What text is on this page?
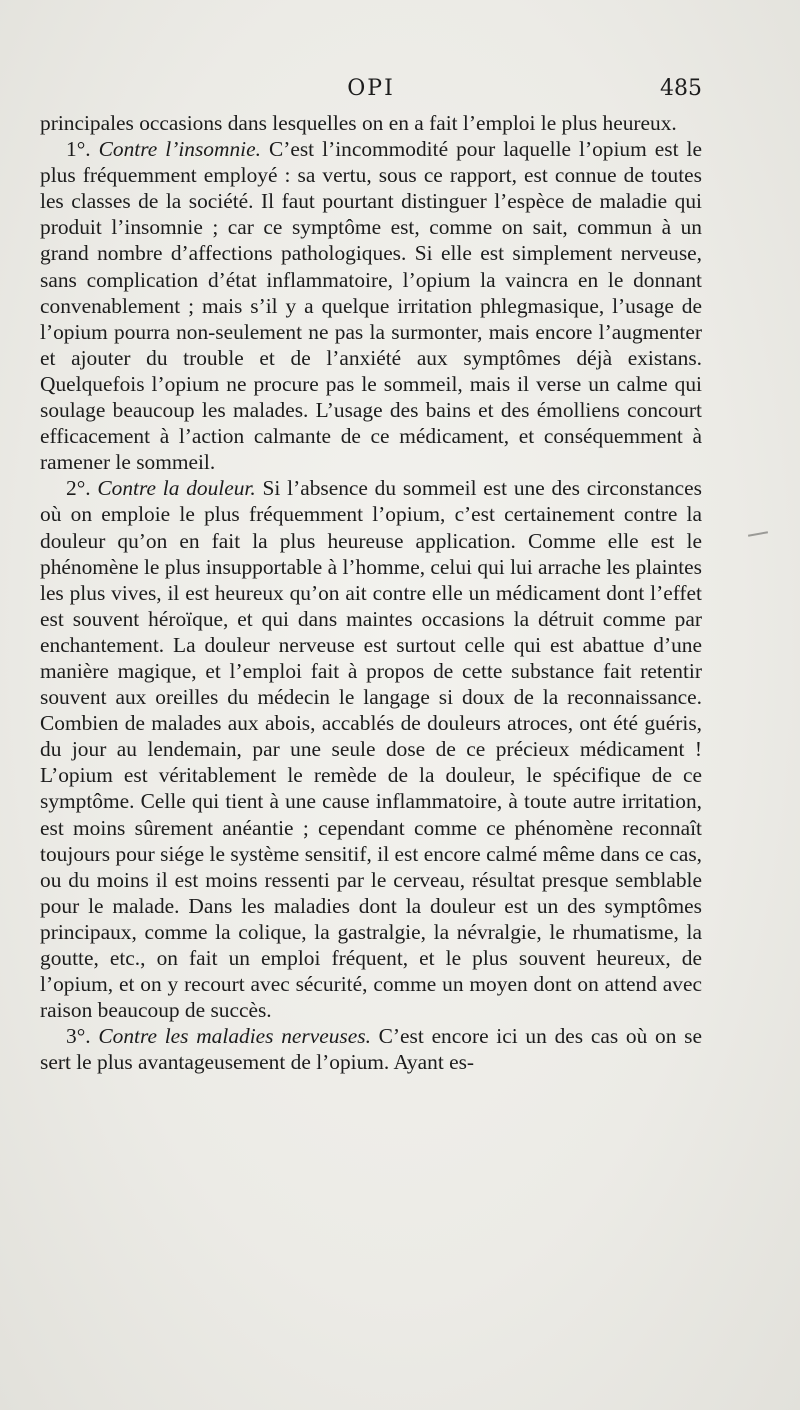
OPI	485

principales occasions dans lesquelles on en a fait l’emploi le plus heureux.

1°. Contre l’insomnie. C’est l’incommodité pour laquelle l’opium est le plus fréquemment employé : sa vertu, sous ce rapport, est connue de toutes les classes de la société. Il faut pourtant distinguer l’espèce de maladie qui produit l’insomnie ; car ce symptôme est, comme on sait, commun à un grand nombre d’affections pathologiques. Si elle est simplement nerveuse, sans complication d’état inflammatoire, l’opium la vaincra en le donnant convenablement ; mais s’il y a quelque irritation phlegmasique, l’usage de l’opium pourra non-seulement ne pas la surmonter, mais encore l’augmenter et ajouter du trouble et de l’anxiété aux symptômes déjà existans. Quelquefois l’opium ne procure pas le sommeil, mais il verse un calme qui soulage beaucoup les malades. L’usage des bains et des émolliens concourt efficacement à l’action calmante de ce médicament, et conséquemment à ramener le sommeil.

2°. Contre la douleur. Si l’absence du sommeil est une des circonstances où on emploie le plus fréquemment l’opium, c’est certainement contre la douleur qu’on en fait la plus heureuse application. Comme elle est le phénomène le plus insupportable à l’homme, celui qui lui arrache les plaintes les plus vives, il est heureux qu’on ait contre elle un médicament dont l’effet est souvent héroïque, et qui dans maintes occasions la détruit comme par enchantement. La douleur nerveuse est surtout celle qui est abattue d’une manière magique, et l’emploi fait à propos de cette substance fait retentir souvent aux oreilles du médecin le langage si doux de la reconnaissance. Combien de malades aux abois, accablés de douleurs atroces, ont été guéris, du jour au lendemain, par une seule dose de ce précieux médicament ! L’opium est véritablement le remède de la douleur, le spécifique de ce symptôme. Celle qui tient à une cause inflammatoire, à toute autre irritation, est moins sûrement anéantie ; cependant comme ce phénomène reconnaît toujours pour siége le système sensitif, il est encore calmé même dans ce cas, ou du moins il est moins ressenti par le cerveau, résultat presque semblable pour le malade. Dans les maladies dont la douleur est un des symptômes principaux, comme la colique, la gastralgie, la névralgie, le rhumatisme, la goutte, etc., on fait un emploi fréquent, et le plus souvent heureux, de l’opium, et on y recourt avec sécurité, comme un moyen dont on attend avec raison beaucoup de succès.

3°. Contre les maladies nerveuses. C’est encore ici un des cas où on se sert le plus avantageusement de l’opium. Ayant es-
